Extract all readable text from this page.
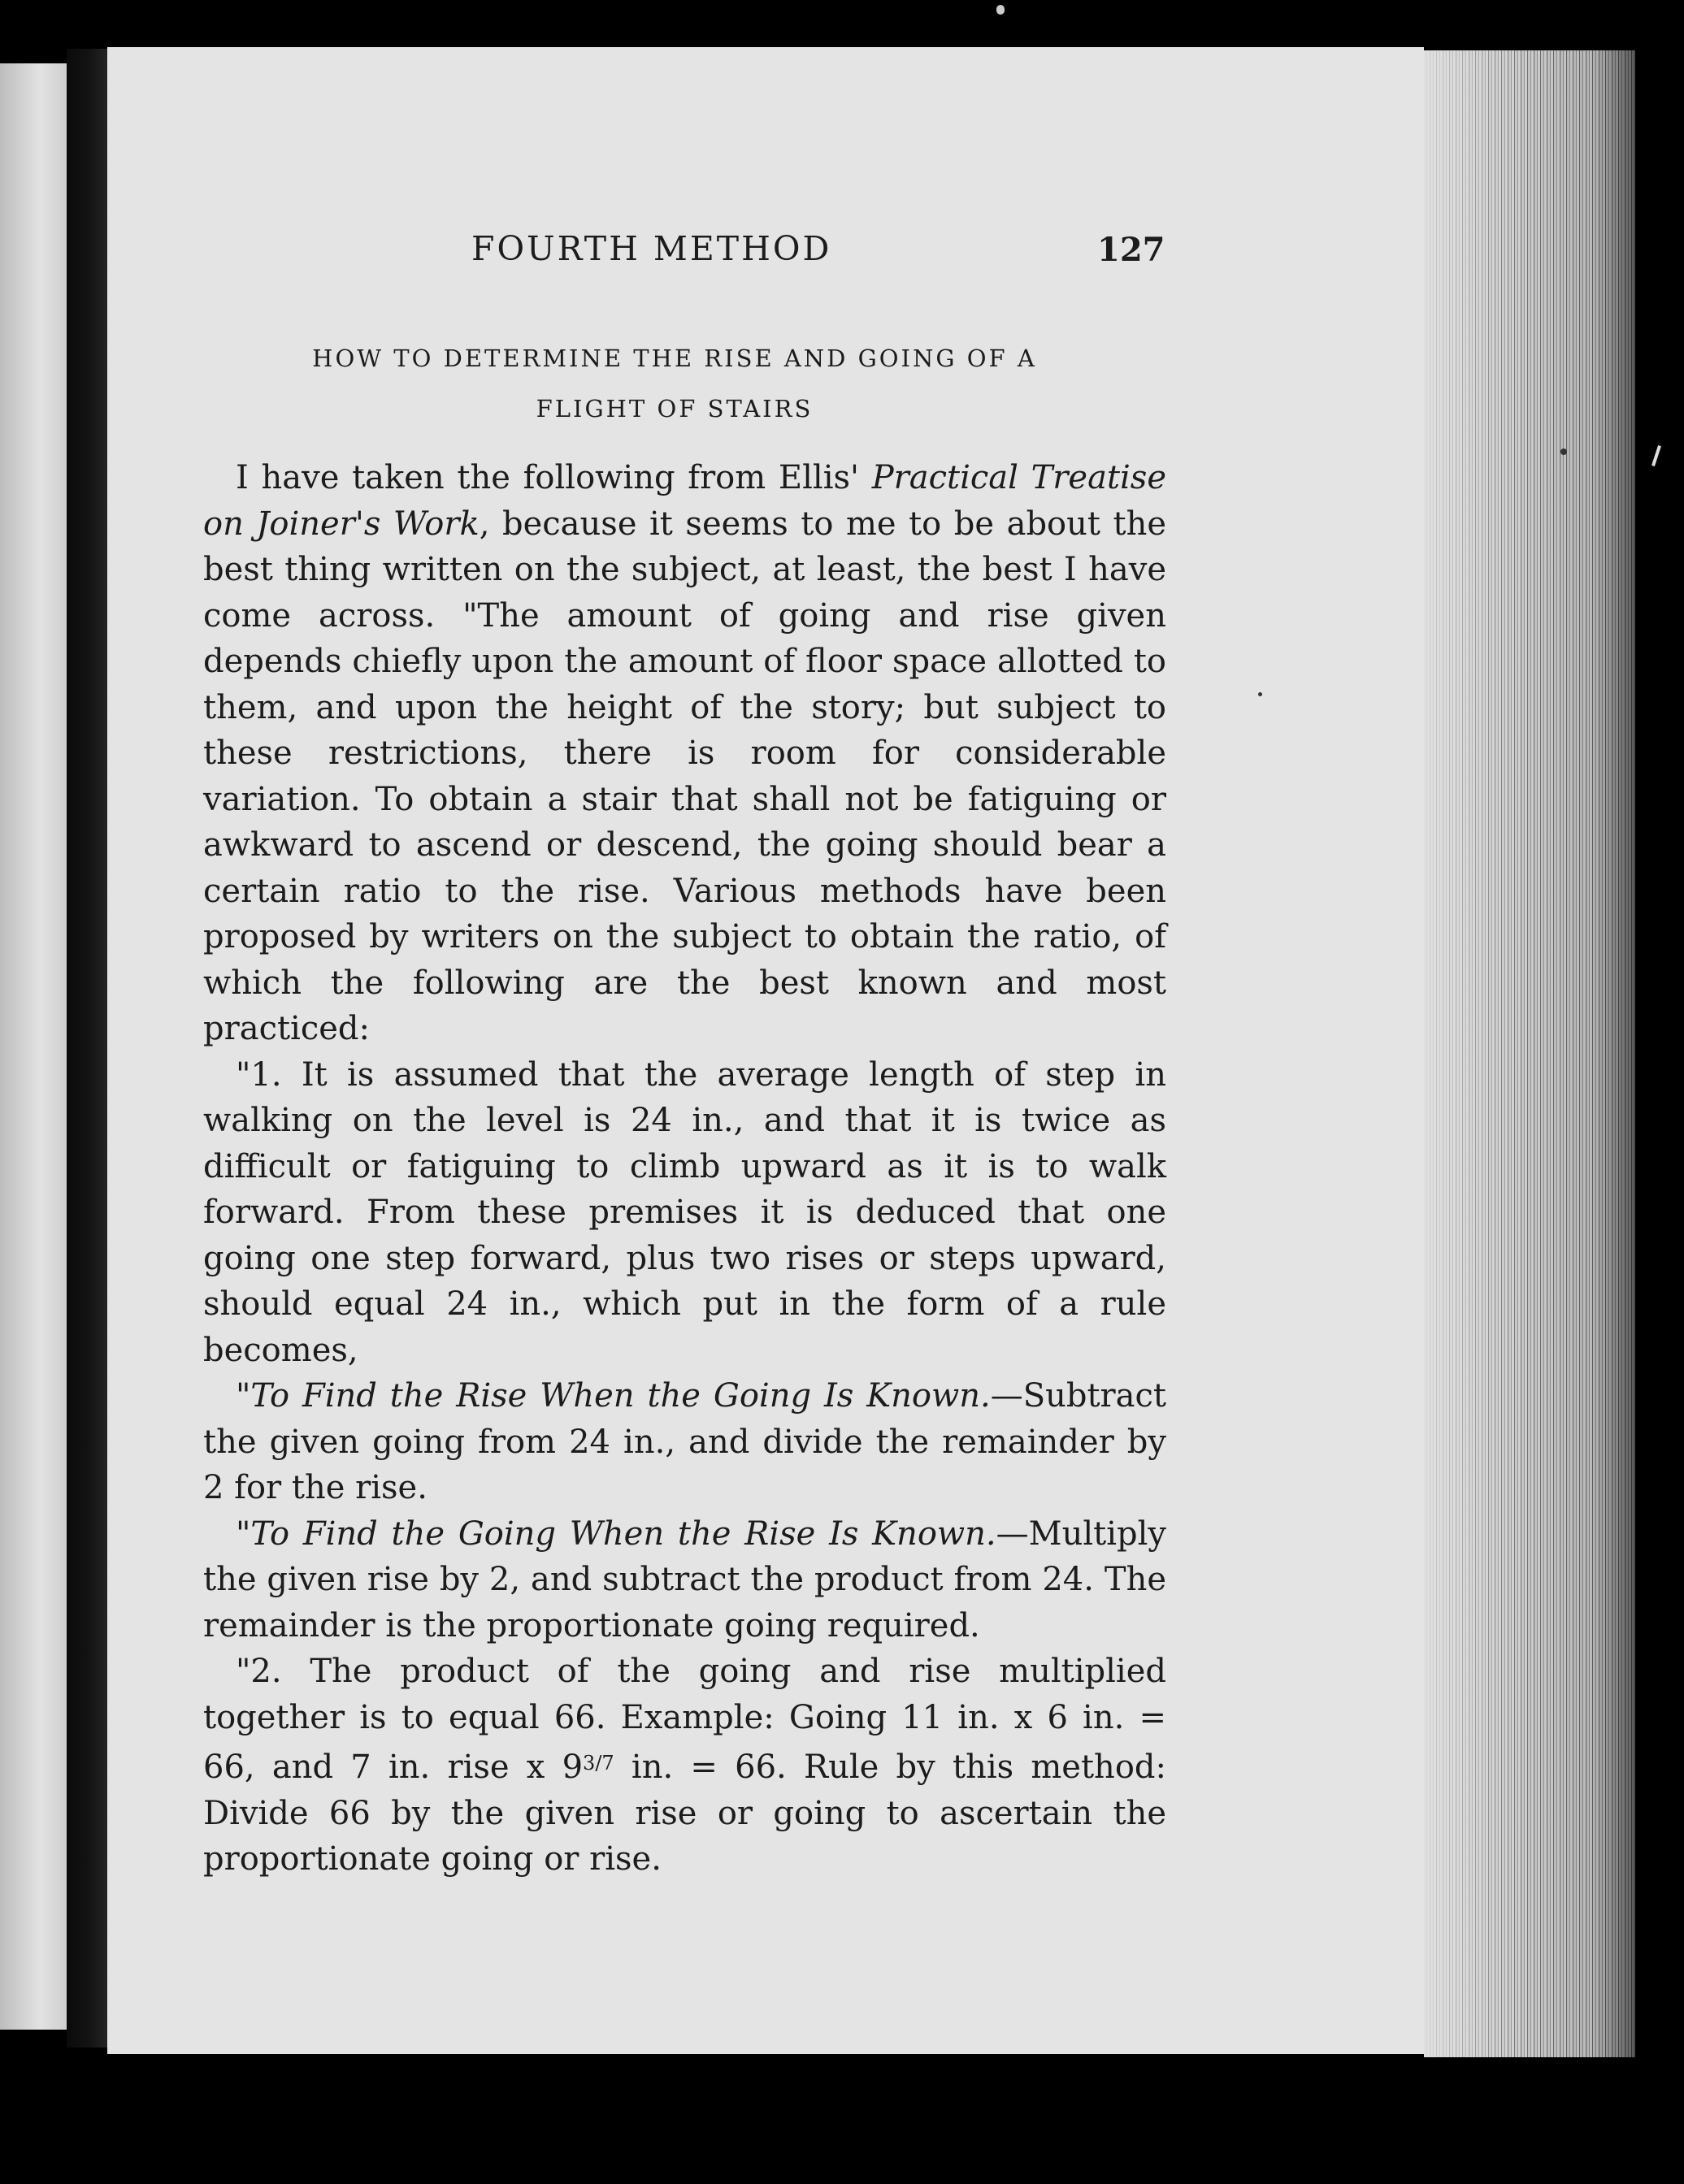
FOURTH METHOD	127
HOW TO DETERMINE THE RISE AND GOING OF A
FLIGHT OF STAIRS

I have taken the following from Ellis' Practical Treatise on Joiner's Work, because it seems to me to be about the best thing written on the subject, at least, the best I have come across. "The amount of going and rise given depends chiefly upon the amount of floor space allotted to them, and upon the height of the story; but subject to these restrictions, there is room for considerable variation. To obtain a stair that shall not be fatiguing or awkward to ascend or descend, the going should bear a certain ratio to the rise. Various methods have been proposed by writers on the subject to obtain the ratio, of which the following are the best known and most practiced:

"1. It is assumed that the average length of step in walking on the level is 24 in., and that it is twice as difficult or fatiguing to climb upward as it is to walk forward. From these premises it is deduced that one going one step forward, plus two rises or steps upward, should equal 24 in., which put in the form of a rule becomes,

"To Find the Rise When the Going Is Known.—Subtract the given going from 24 in., and divide the remainder by 2 for the rise.

"To Find the Going When the Rise Is Known.—Multiply the given rise by 2, and subtract the product from 24. The remainder is the proportionate going required.

"2. The product of the going and rise multiplied together is to equal 66. Example: Going 11 in. x 6 in. = 66, and 7 in. rise x $9^{3/7}$ in. = 66. Rule by this method: Divide 66 by the given rise or going to ascertain the proportionate going or rise.
